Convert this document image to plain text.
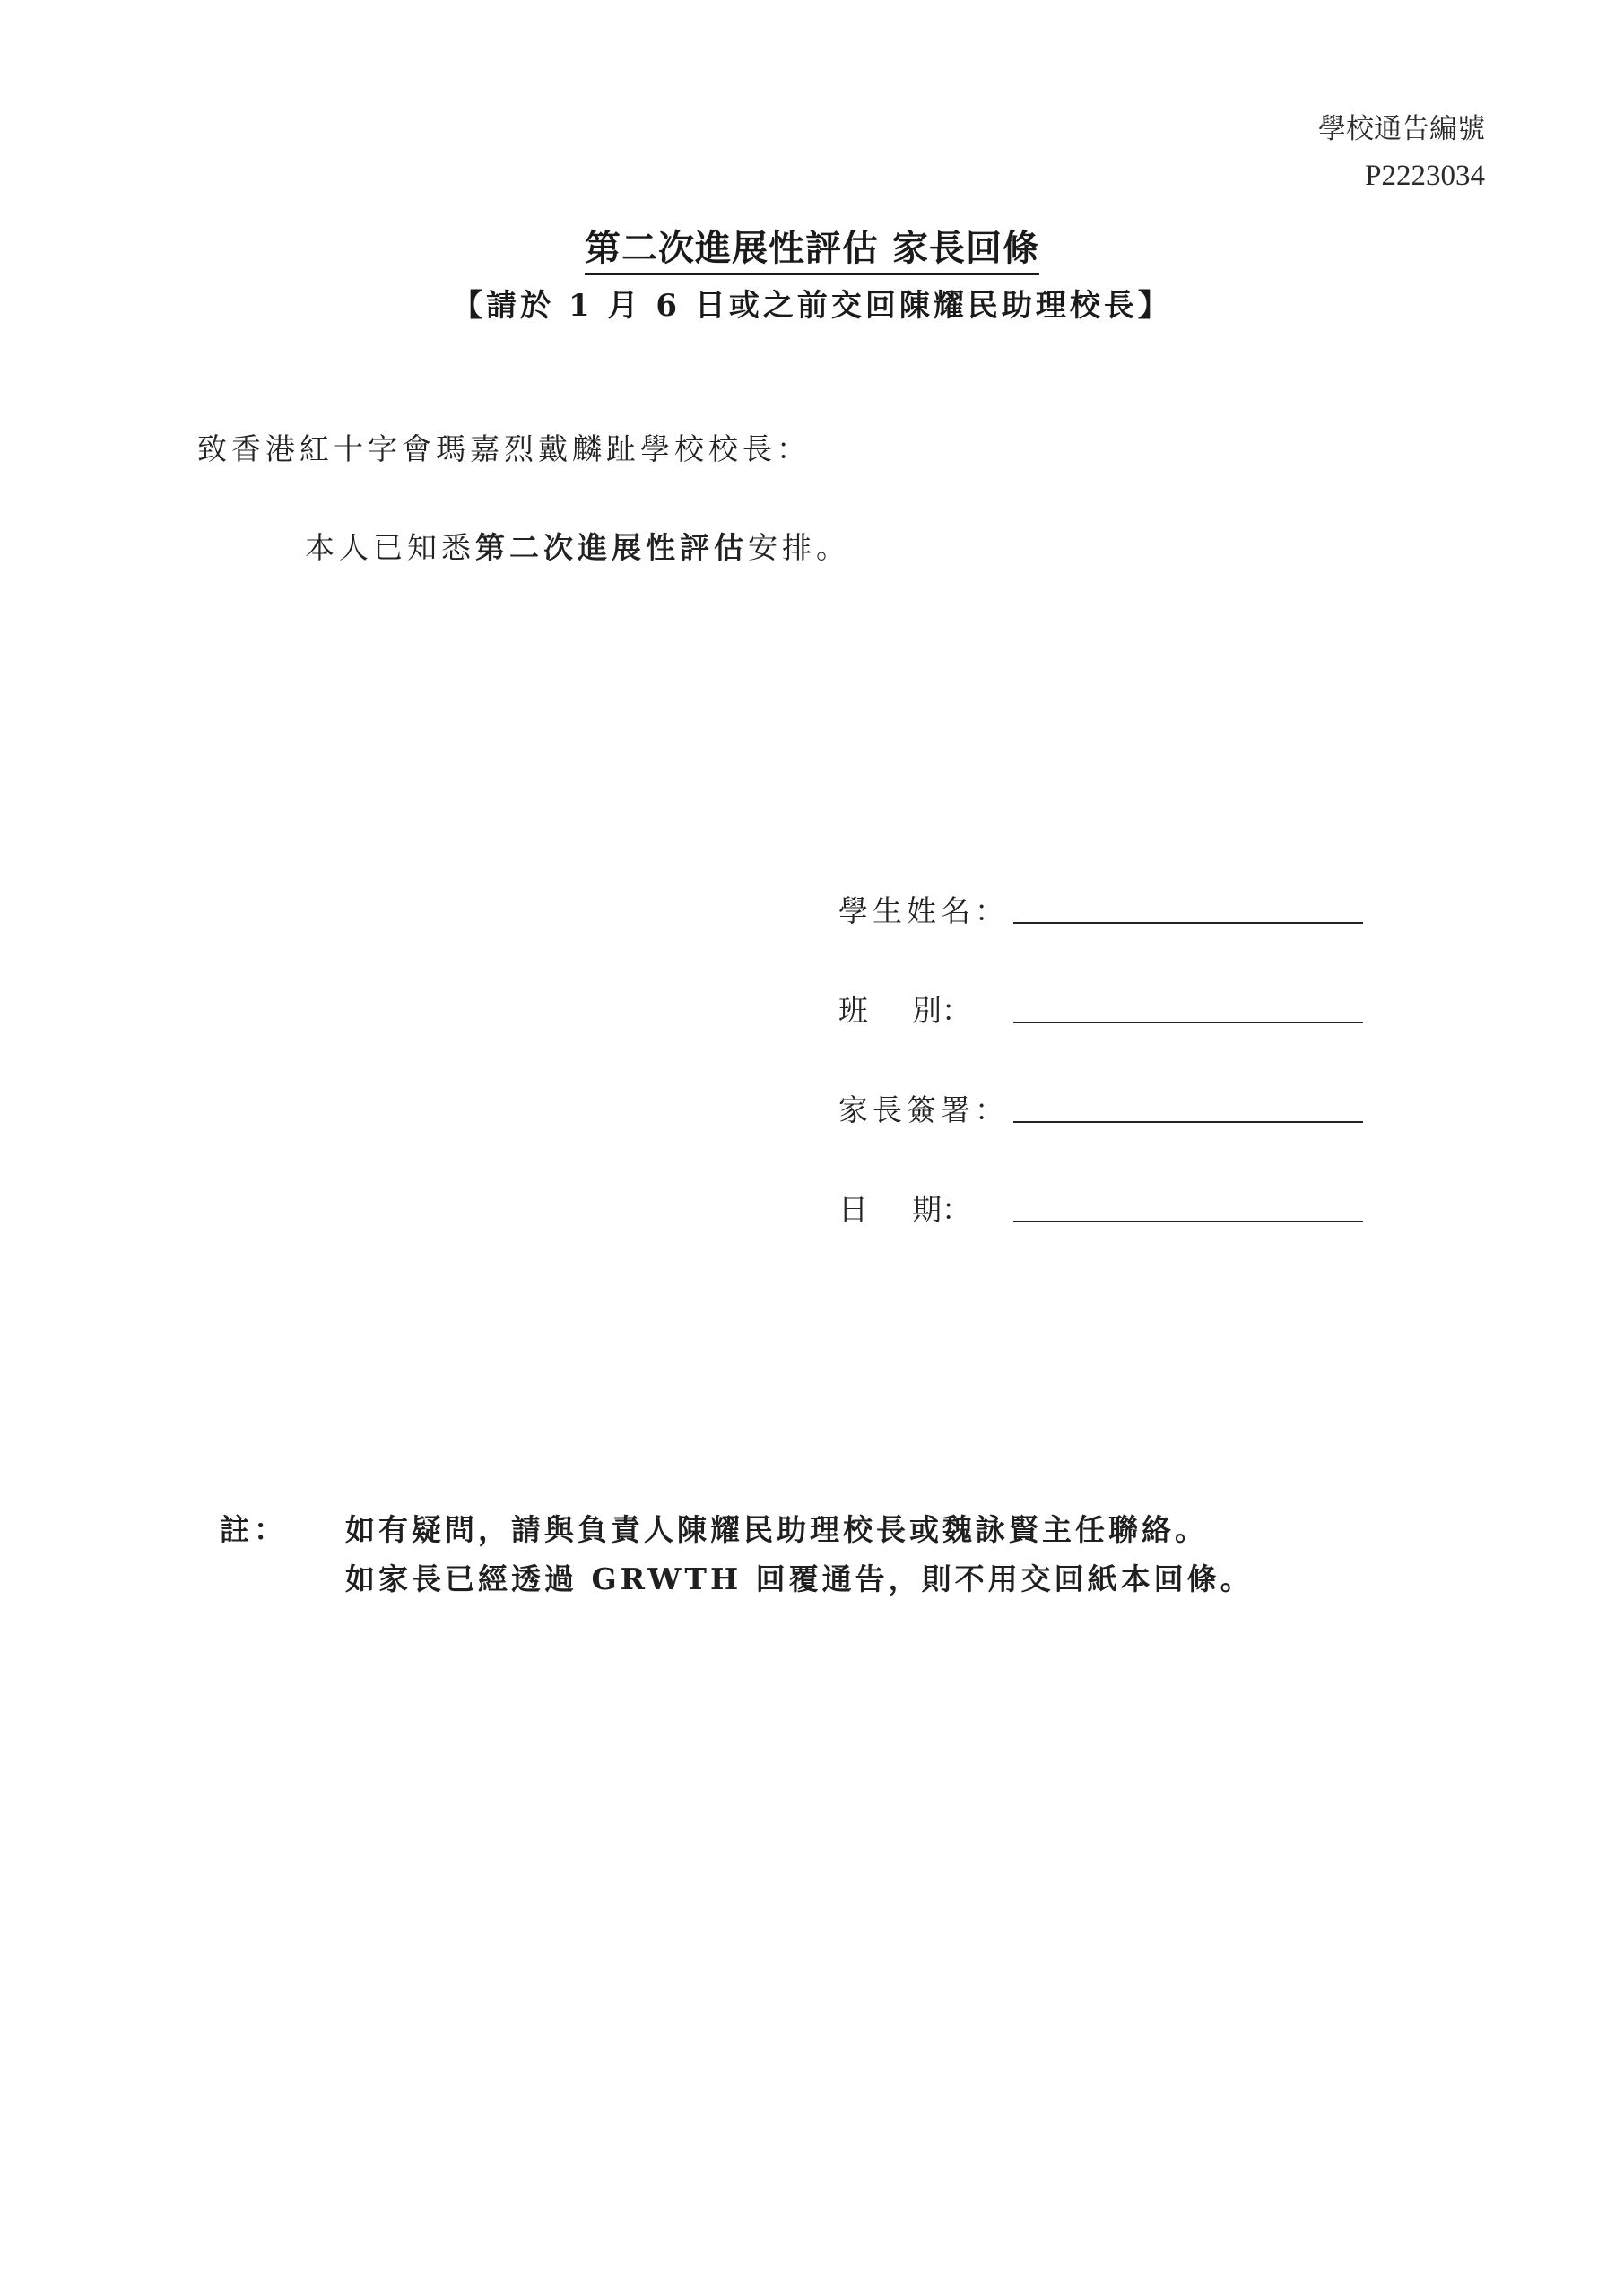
學校通告編號
P2223034
第二次進展性評估 家長回條
【請於 1 月 6 日或之前交回陳耀民助理校長】
致香港紅十字會瑪嘉烈戴麟趾學校校長：
本人已知悉第二次進展性評估安排。
學生姓名：
班 別：
家長簽署：
日 期：
註： 如有疑問，請與負責人陳耀民助理校長或魏詠賢主任聯絡。
如家長已經透過 GRWTH 回覆通告，則不用交回紙本回條。
